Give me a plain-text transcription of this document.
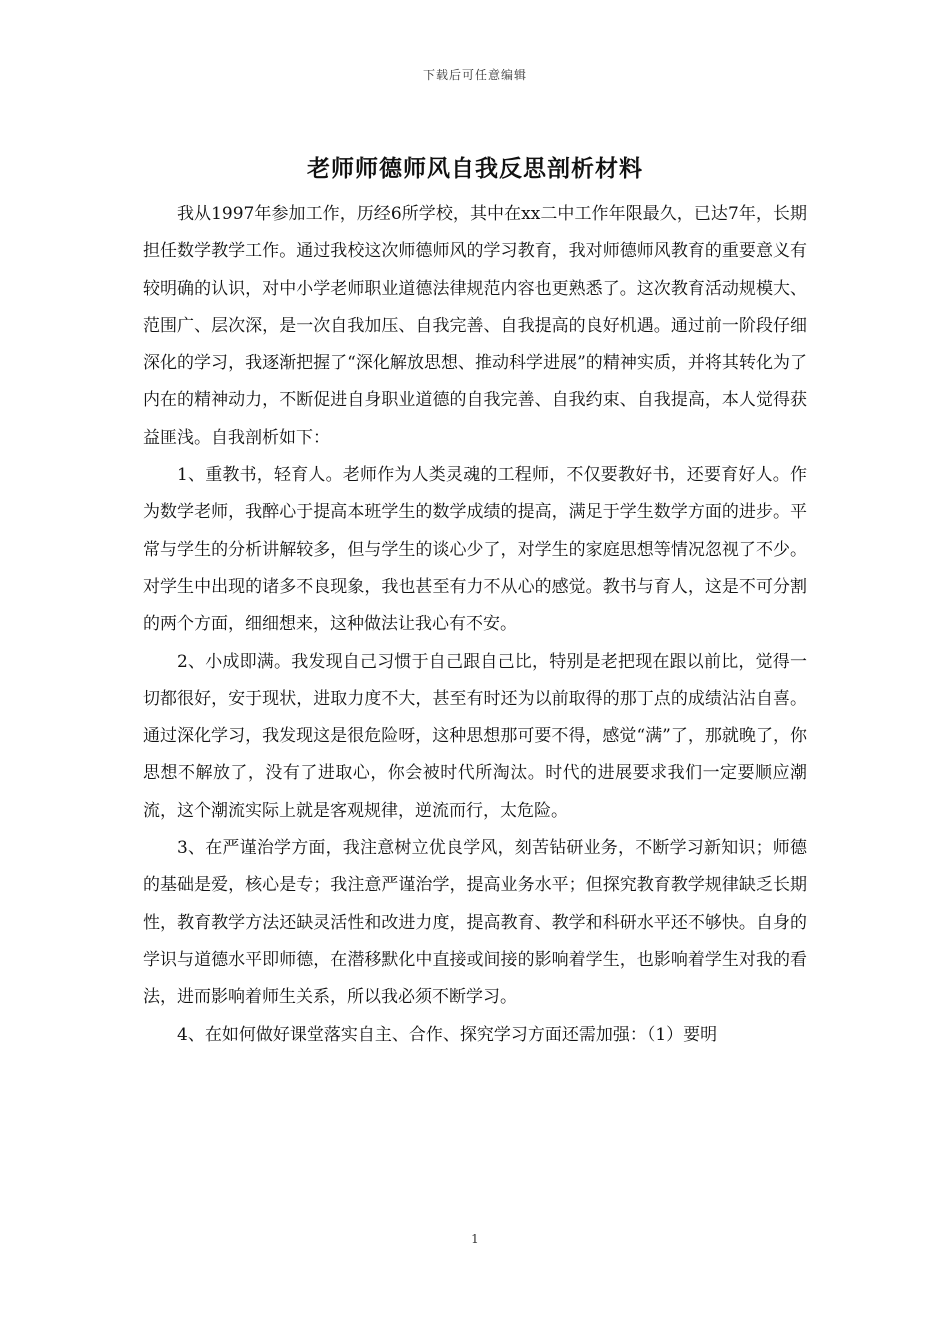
下载后可任意编辑
老师师德师风自我反思剖析材料

我从1997年参加工作，历经6所学校，其中在xx二中工作年限最久，已达7年，长期担任数学教学工作。通过我校这次师德师风的学习教育，我对师德师风教育的重要意义有较明确的认识，对中小学老师职业道德法律规范内容也更熟悉了。这次教育活动规模大、范围广、层次深，是一次自我加压、自我完善、自我提高的良好机遇。通过前一阶段仔细深化的学习，我逐渐把握了“深化解放思想、推动科学进展”的精神实质，并将其转化为了内在的精神动力，不断促进自身职业道德的自我完善、自我约束、自我提高，本人觉得获益匪浅。自我剖析如下：

1、重教书，轻育人。老师作为人类灵魂的工程师，不仅要教好书，还要育好人。作为数学老师，我醉心于提高本班学生的数学成绩的提高，满足于学生数学方面的进步。平常与学生的分析讲解较多，但与学生的谈心少了，对学生的家庭思想等情况忽视了不少。对学生中出现的诸多不良现象，我也甚至有力不从心的感觉。教书与育人，这是不可分割的两个方面，细细想来，这种做法让我心有不安。

2、小成即满。我发现自己习惯于自己跟自己比，特别是老把现在跟以前比，觉得一切都很好，安于现状，进取力度不大，甚至有时还为以前取得的那丁点的成绩沾沾自喜。通过深化学习，我发现这是很危险呀，这种思想那可要不得，感觉“满”了，那就晚了，你思想不解放了，没有了进取心，你会被时代所淘汰。时代的进展要求我们一定要顺应潮流，这个潮流实际上就是客观规律，逆流而行，太危险。

3、在严谨治学方面，我注意树立优良学风，刻苦钻研业务，不断学习新知识；师德的基础是爱，核心是专；我注意严谨治学，提高业务水平；但探究教育教学规律缺乏长期性，教育教学方法还缺灵活性和改进力度，提高教育、教学和科研水平还不够快。自身的学识与道德水平即师德，在潜移默化中直接或间接的影响着学生，也影响着学生对我的看法，进而影响着师生关系，所以我必须不断学习。

4、在如何做好课堂落实自主、合作、探究学习方面还需加强：（1）要明

1
